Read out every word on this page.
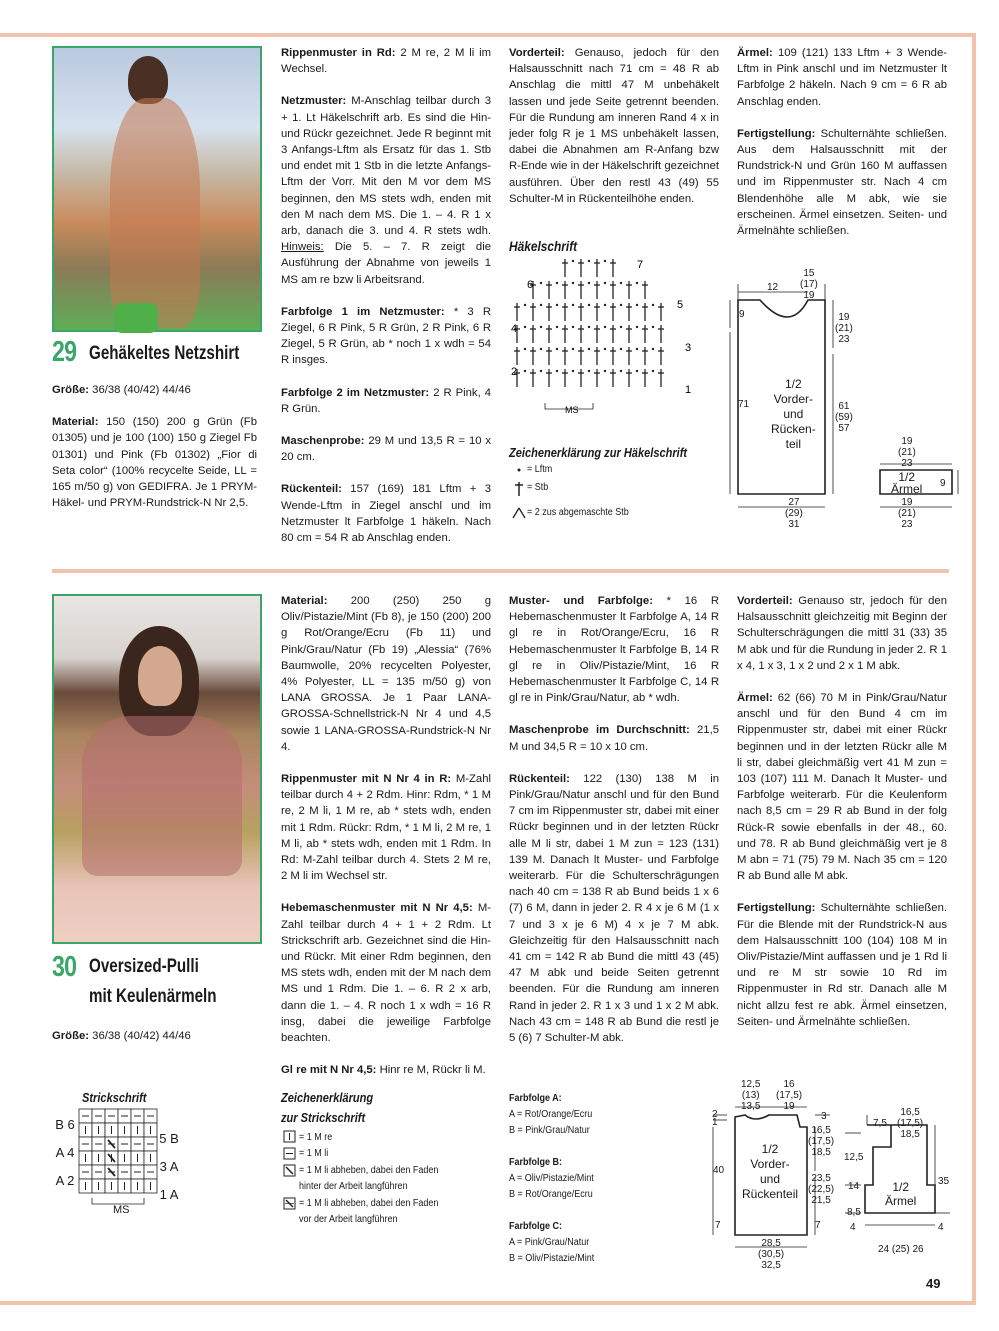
29 Gehäkeltes Netzshirt

Größe: 36/38 (40/42) 44/46

Material: 150 (150) 200 g Grün (Fb 01305) und je 100 (100) 150 g Ziegel Fb 01301) und Pink (Fb 01302) „Fior di Seta color“ (100% recycelte Seide, LL = 165 m/50 g) von GEDIFRA. Je 1 PRYM-Häkel- und PRYM-Rundstrick-N Nr 2,5.

Rippenmuster in Rd: 2 M re, 2 M li im Wechsel.

Netzmuster: M-Anschlag teilbar durch 3 + 1. Lt Häkelschrift arb. Es sind die Hin- und Rückr gezeichnet. Jede R beginnt mit 3 Anfangs-Lftm als Ersatz für das 1. Stb und endet mit 1 Stb in die letzte Anfangs-Lftm der Vorr. Mit den M vor dem MS beginnen, den MS stets wdh, enden mit den M nach dem MS. Die 1. – 4. R 1 x arb, danach die 3. und 4. R stets wdh. Hinweis: Die 5. – 7. R zeigt die Ausführung der Abnahme von jeweils 1 MS am re bzw li Arbeitsrand.

Farbfolge 1 im Netzmuster: * 3 R Ziegel, 6 R Pink, 5 R Grün, 2 R Pink, 6 R Ziegel, 5 R Grün, ab * noch 1 x wdh = 54 R insges.

Farbfolge 2 im Netzmuster: 2 R Pink, 4 R Grün.

Maschenprobe: 29 M und 13,5 R = 10 x 20 cm.

Rückenteil: 157 (169) 181 Lftm + 3 Wende-Lftm in Ziegel anschl und im Netzmuster lt Farbfolge 1 häkeln. Nach 80 cm = 54 R ab Anschlag enden.

Vorderteil: Genauso, jedoch für den Halsausschnitt nach 71 cm = 48 R ab Anschlag die mittl 47 M unbehäkelt lassen und jede Seite getrennt beenden. Für die Rundung am inneren Rand 4 x in jeder folg R je 1 MS unbehäkelt lassen, dabei die Abnahmen am R-Anfang bzw R-Ende wie in der Häkelschrift gezeichnet ausführen. Über den restl 43 (49) 55 Schulter-M in Rückenteilhöhe enden.

Häkelschrift
6
4
2
7
5
3
1
MS
Zeichenerklärung zur Häkelschrift
= Lftm
= Stb
= 2 zus abgemaschte Stb

Ärmel: 109 (121) 133 Lftm + 3 Wende-Lftm in Pink anschl und im Netzmuster lt Farbfolge 2 häkeln. Nach 9 cm = 6 R ab Anschlag enden.

Fertigstellung: Schulternähte schließen. Aus dem Halsausschnitt mit der Rundstrick-N und Grün 160 M auffassen und im Rippenmuster str. Nach 4 cm Blendenhöhe alle M abk, wie sie erscheinen. Ärmel einsetzen. Seiten- und Ärmelnähte schließen.

12
15
(17)
19
9	19
(21)
23
71	61
(59)
57
1/2
Vorder-
und
Rücken-
teil
27
(29)
31
19
(21)
23
1/2
Ärmel 9
19
(21)
23
30 Oversized-Pulli
mit Keulenärmeln

Größe: 36/38 (40/42) 44/46

Material: 200 (250) 250 g Oliv/Pistazie/Mint (Fb 8), je 150 (200) 200 g Rot/Orange/Ecru (Fb 11) und Pink/Grau/Natur (Fb 19) „Alessia“ (76% Baumwolle, 20% recycelten Polyester, 4% Polyester, LL = 135 m/50 g) von LANA GROSSA. Je 1 Paar LANA-GROSSA-Schnellstrick-N Nr 4 und 4,5 sowie 1 LANA-GROSSA-Rundstrick-N Nr 4.

Rippenmuster mit N Nr 4 in R: M-Zahl teilbar durch 4 + 2 Rdm. Hinr: Rdm, * 1 M re, 2 M li, 1 M re, ab * stets wdh, enden mit 1 Rdm. Rückr: Rdm, * 1 M li, 2 M re, 1 M li, ab * stets wdh, enden mit 1 Rdm. In Rd: M-Zahl teilbar durch 4. Stets 2 M re, 2 M li im Wechsel str.

Hebemaschenmuster mit N Nr 4,5: M-Zahl teilbar durch 4 + 1 + 2 Rdm. Lt Strickschrift arb. Gezeichnet sind die Hin- und Rückr. Mit einer Rdm beginnen, den MS stets wdh, enden mit der M nach dem MS und 1 Rdm. Die 1. – 6. R 2 x arb, dann die 1. – 4. R noch 1 x wdh = 16 R insg, dabei die jeweilige Farbfolge beachten.

Gl re mit N Nr 4,5: Hinr re M, Rückr li M.

Muster- und Farbfolge: * 16 R Hebemaschenmuster lt Farbfolge A, 14 R gl re in Rot/Orange/Ecru, 16 R Hebemaschenmuster lt Farbfolge B, 14 R gl re in Oliv/Pistazie/Mint, 16 R Hebemaschenmuster lt Farbfolge C, 14 R gl re in Pink/Grau/Natur, ab * wdh.

Maschenprobe im Durchschnitt: 21,5 M und 34,5 R = 10 x 10 cm.

Rückenteil: 122 (130) 138 M in Pink/Grau/Natur anschl und für den Bund 7 cm im Rippenmuster str, dabei mit einer Rückr beginnen und in der letzten Rückr alle M li str, dabei 1 M zun = 123 (131) 139 M. Danach lt Muster- und Farbfolge weiterarb. Für die Schulterschrägungen nach 40 cm = 138 R ab Bund beids 1 x 6 (7) 6 M, dann in jeder 2. R 4 x je 6 M (1 x 7 und 3 x je 6 M) 4 x je 7 M abk. Gleichzeitig für den Halsausschnitt nach 41 cm = 142 R ab Bund die mittl 43 (45) 47 M abk und beide Seiten getrennt beenden. Für die Rundung am inneren Rand in jeder 2. R 1 x 3 und 1 x 2 M abk. Nach 43 cm = 148 R ab Bund die restl je 5 (6) 7 Schulter-M abk.

Vorderteil: Genauso str, jedoch für den Halsausschnitt gleichzeitig mit Beginn der Schulterschrägungen die mittl 31 (33) 35 M abk und für die Rundung in jeder 2. R 1 x 4, 1 x 3, 1 x 2 und 2 x 1 M abk.

Ärmel: 62 (66) 70 M in Pink/Grau/Natur anschl und für den Bund 4 cm im Rippenmuster str, dabei mit einer Rückr beginnen und in der letzten Rückr alle M li str, dabei gleichmäßig vert 41 M zun = 103 (107) 111 M. Danach lt Muster- und Farbfolge weiterarb. Für die Keulenform nach 8,5 cm = 29 R ab Bund in der folg Rück-R sowie ebenfalls in der 48., 60. und 78. R ab Bund gleichmäßig vert je 8 M abn = 71 (75) 79 M. Nach 35 cm = 120 R ab Bund alle M abk.

Fertigstellung: Schulternähte schließen. Für die Blende mit der Rundstrick-N aus dem Halsausschnitt 100 (104) 108 M in Oliv/Pistazie/Mint auffassen und je 1 Rd li und re M str sowie 10 Rd im Rippenmuster in Rd str. Danach alle M nicht allzu fest re abk. Ärmel einsetzen, Seiten- und Ärmelnähte schließen.

Strickschrift
B 6
A 4
A 2
5 B
3 A
1 A
MS
Zeichenerklärung
zur Strickschrift
= 1 M re
= 1 M li
= 1 M li abheben, dabei den Faden
hinter der Arbeit langführen
= 1 M li abheben, dabei den Faden
vor der Arbeit langführen
Farbfolge A:
A = Rot/Orange/Ecru
B = Pink/Grau/Natur
Farbfolge B:
A = Oliv/Pistazie/Mint
B = Rot/Orange/Ecru
Farbfolge C:
A = Pink/Grau/Natur
B = Oliv/Pistazie/Mint
12,5
(13)
13,5
16
(17,5)
19
2
1
3
16,5
(17,5)
18,5
40
23,5
(22,5)
21,5
1/2
Vorder-
und
Rückenteil
7	7
28,5
(30,5)
32,5
7,5
16,5
(17,5)
18,5
12,5
14
8,5
4
35
4
1/2
Ärmel
24 (25) 26
49
